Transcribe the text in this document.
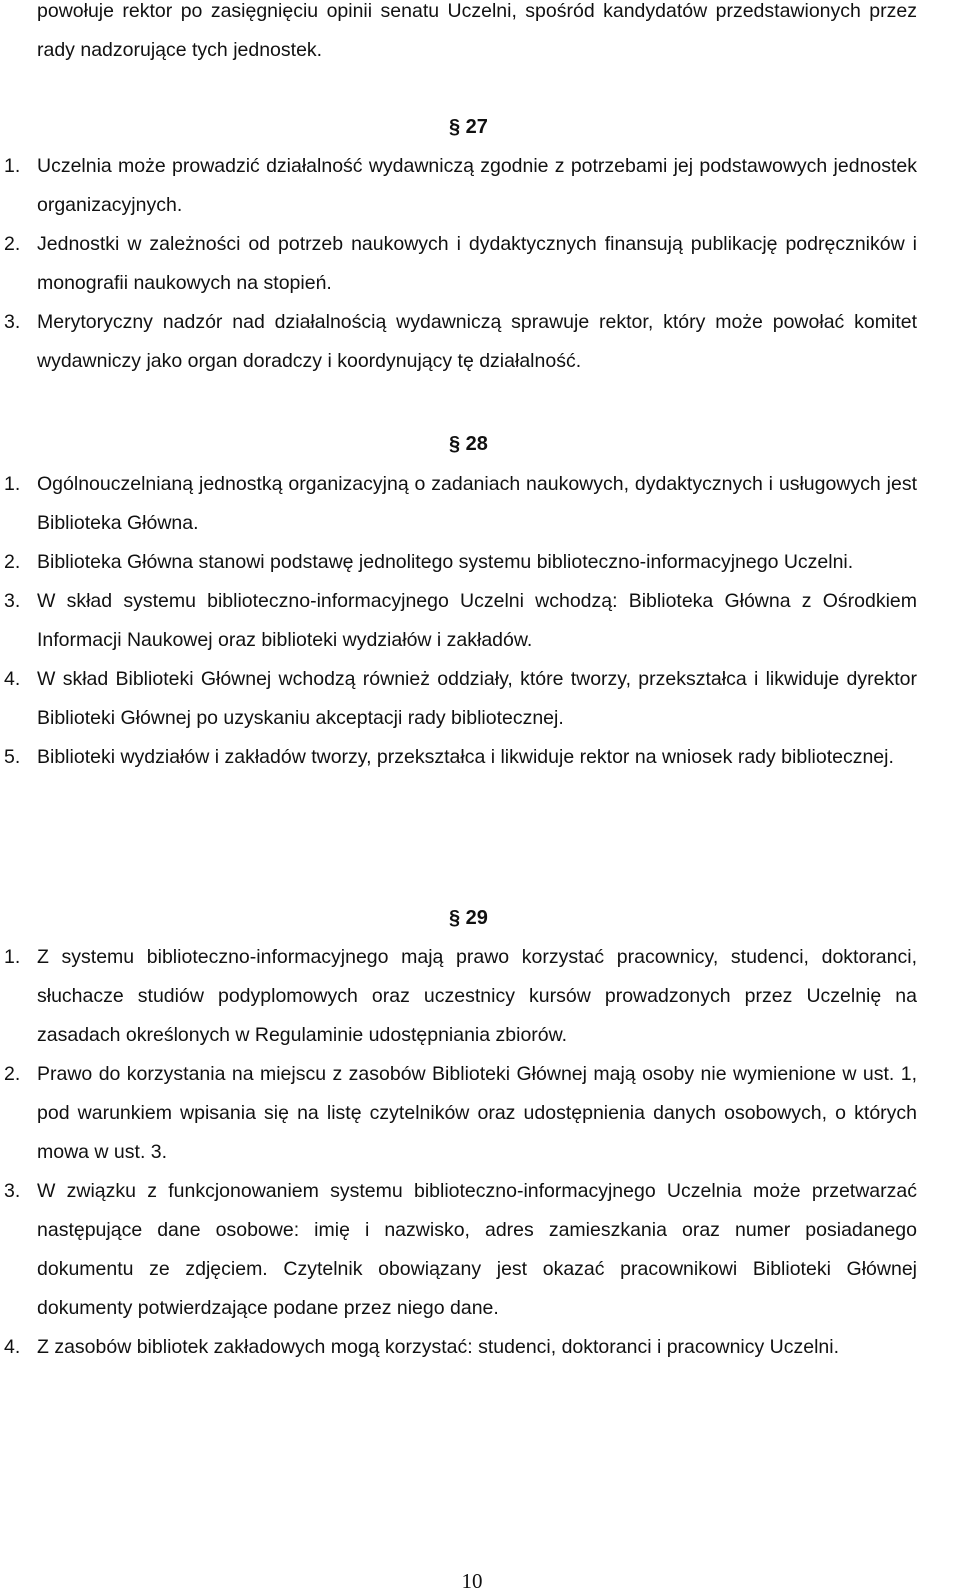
powołuje rektor po zasięgnięciu opinii senatu Uczelni, spośród kandydatów przedstawionych przez rady nadzorujące tych jednostek.
§ 27
1. Uczelnia może prowadzić działalność wydawniczą zgodnie z potrzebami jej podstawowych jednostek organizacyjnych.
2. Jednostki w zależności od potrzeb naukowych i dydaktycznych finansują publikację podręczników i monografii naukowych na stopień.
3. Merytoryczny nadzór nad działalnością wydawniczą sprawuje rektor, który może powołać komitet wydawniczy jako organ doradczy i koordynujący tę działalność.
§ 28
1. Ogólnouczelnianą jednostką organizacyjną o zadaniach naukowych, dydaktycznych i usługowych jest Biblioteka Główna.
2. Biblioteka Główna stanowi podstawę jednolitego systemu biblioteczno-informacyjnego Uczelni.
3. W skład systemu biblioteczno-informacyjnego Uczelni wchodzą: Biblioteka Główna z Ośrodkiem Informacji Naukowej oraz biblioteki wydziałów i zakładów.
4. W skład Biblioteki Głównej wchodzą również oddziały, które tworzy, przekształca i likwiduje dyrektor Biblioteki Głównej po uzyskaniu akceptacji rady bibliotecznej.
5. Biblioteki wydziałów i zakładów tworzy, przekształca i likwiduje rektor na wniosek rady bibliotecznej.
§ 29
1. Z systemu biblioteczno-informacyjnego mają prawo korzystać pracownicy, studenci, doktoranci, słuchacze studiów podyplomowych oraz uczestnicy kursów prowadzonych przez Uczelnię na zasadach określonych w Regulaminie udostępniania zbiorów.
2. Prawo do korzystania na miejscu z zasobów Biblioteki Głównej mają osoby nie wymienione w ust. 1, pod warunkiem wpisania się na listę czytelników oraz udostępnienia danych osobowych, o których mowa w ust. 3.
3. W związku z funkcjonowaniem systemu biblioteczno-informacyjnego Uczelnia może przetwarzać następujące dane osobowe: imię i nazwisko, adres zamieszkania oraz numer posiadanego dokumentu ze zdjęciem. Czytelnik obowiązany jest okazać pracownikowi Biblioteki Głównej dokumenty potwierdzające podane przez niego dane.
4. Z zasobów bibliotek zakładowych mogą korzystać: studenci, doktoranci i pracownicy Uczelni.
10
